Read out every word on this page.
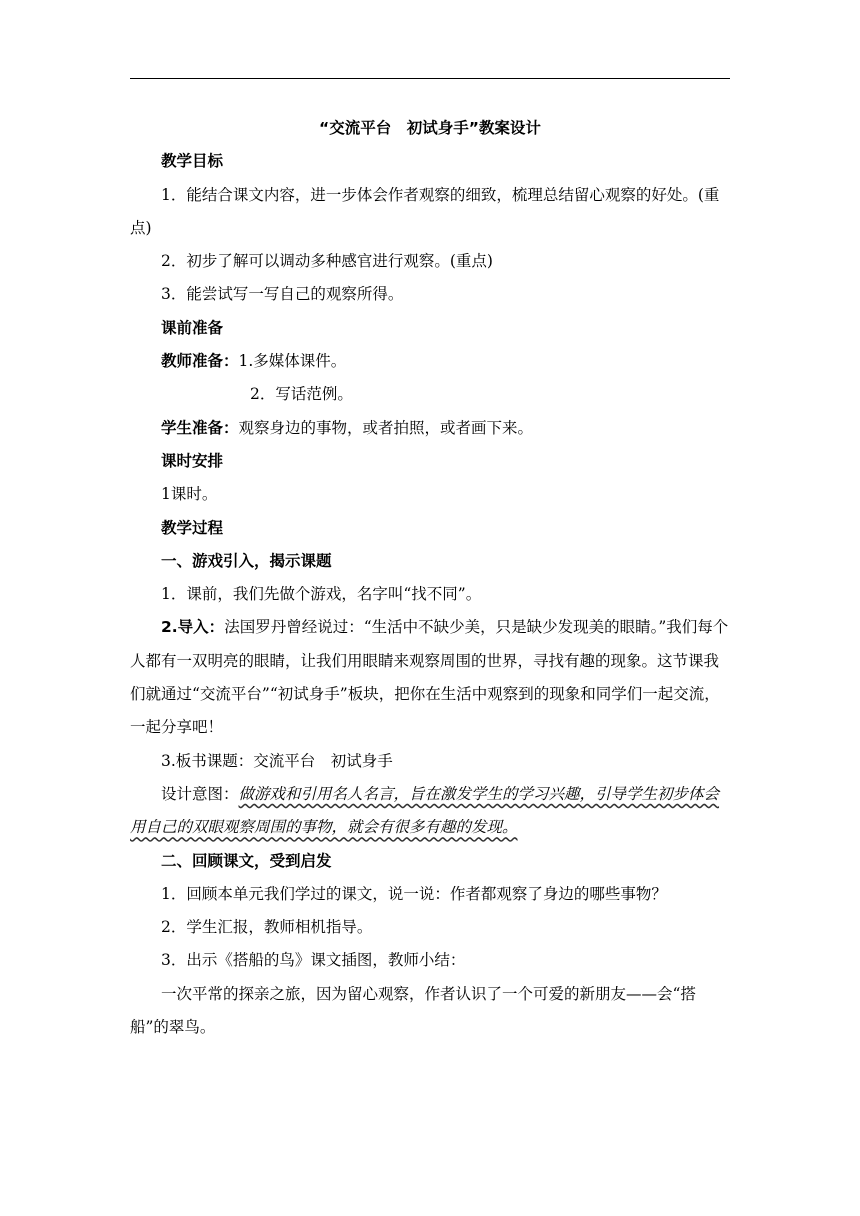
“交流平台　初试身手”教案设计

教学目标

1．能结合课文内容，进一步体会作者观察的细致，梳理总结留心观察的好处。(重点)

2．初步了解可以调动多种感官进行观察。(重点)

3．能尝试写一写自己的观察所得。

课前准备

教师准备：1.多媒体课件。

2．写话范例。

学生准备：观察身边的事物，或者拍照，或者画下来。

课时安排

1课时。

教学过程

一、游戏引入，揭示课题

1．课前，我们先做个游戏，名字叫“找不同”。

2.导入：法国罗丹曾经说过：“生活中不缺少美，只是缺少发现美的眼睛。”我们每个人都有一双明亮的眼睛，让我们用眼睛来观察周围的世界，寻找有趣的现象。这节课我们就通过“交流平台”“初试身手”板块，把你在生活中观察到的现象和同学们一起交流，一起分享吧！

3.板书课题：交流平台　初试身手

设计意图：做游戏和引用名人名言，旨在激发学生的学习兴趣，引导学生初步体会用自己的双眼观察周围的事物，就会有很多有趣的发现。

二、回顾课文，受到启发

1．回顾本单元我们学过的课文，说一说：作者都观察了身边的哪些事物？

2．学生汇报，教师相机指导。

3．出示《搭船的鸟》课文插图，教师小结：

一次平常的探亲之旅，因为留心观察，作者认识了一个可爱的新朋友——会“搭船”的翠鸟。
